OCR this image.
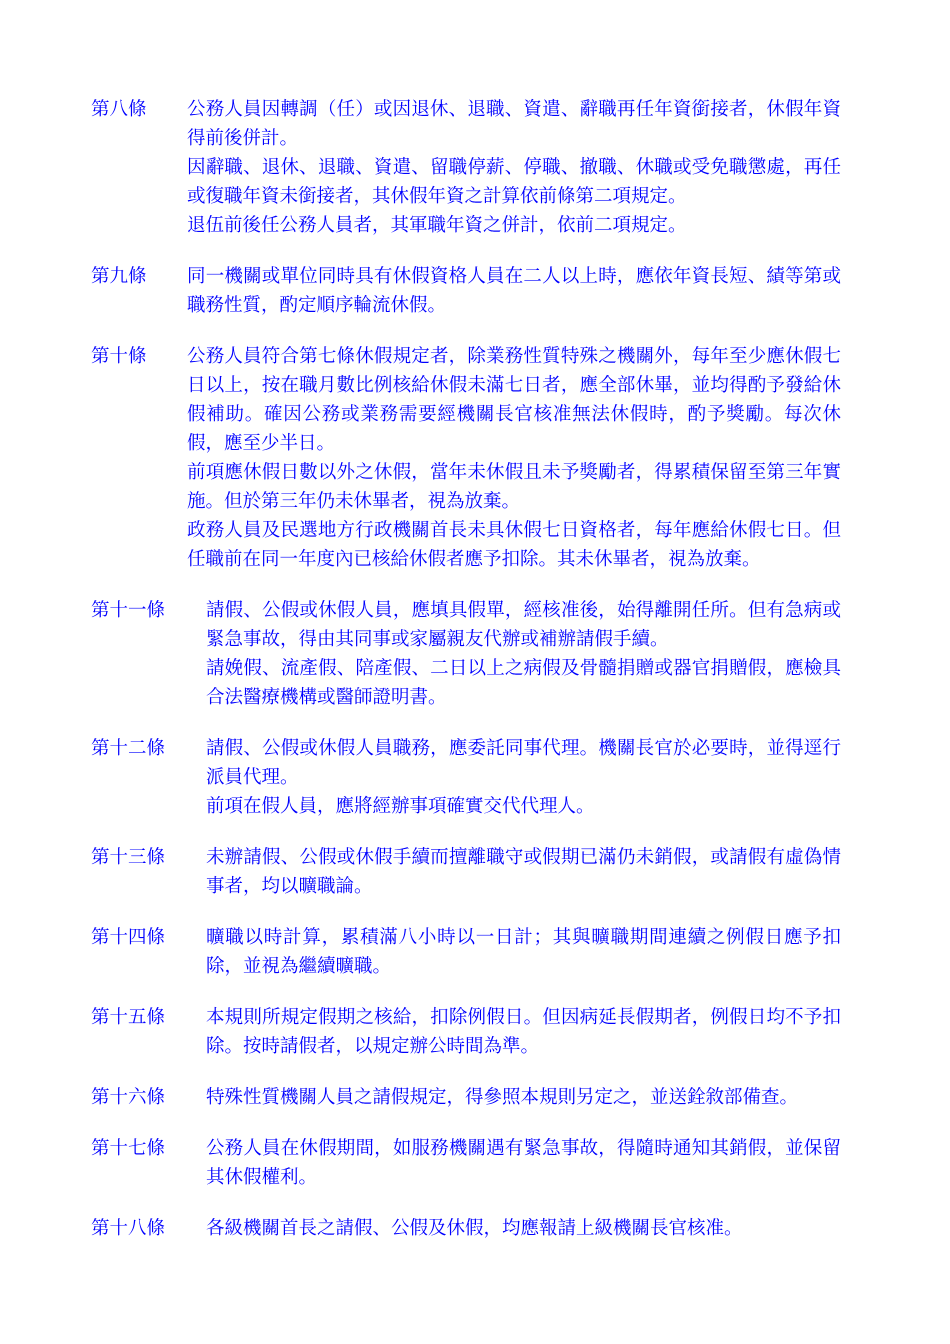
第八條	公務人員因轉調（任）或因退休、退職、資遣、辭職再任年資銜接者，休假年資得前後併計。

因辭職、退休、退職、資遣、留職停薪、停職、撤職、休職或受免職懲處，再任或復職年資未銜接者，其休假年資之計算依前條第二項規定。

退伍前後任公務人員者，其軍職年資之併計，依前二項規定。

第九條	同一機關或單位同時具有休假資格人員在二人以上時，應依年資長短、績等第或職務性質，酌定順序輪流休假。

第十條	公務人員符合第七條休假規定者，除業務性質特殊之機關外，每年至少應休假七日以上，按在職月數比例核給休假未滿七日者，應全部休畢，並均得酌予發給休假補助。確因公務或業務需要經機關長官核准無法休假時，酌予獎勵。每次休假，應至少半日。

前項應休假日數以外之休假，當年未休假且未予獎勵者，得累積保留至第三年實施。但於第三年仍未休畢者，視為放棄。

政務人員及民選地方行政機關首長未具休假七日資格者，每年應給休假七日。但任職前在同一年度內已核給休假者應予扣除。其未休畢者，視為放棄。

第十一條	請假、公假或休假人員，應填具假單，經核准後，始得離開任所。但有急病或緊急事故，得由其同事或家屬親友代辦或補辦請假手續。

請娩假、流產假、陪產假、二日以上之病假及骨髓捐贈或器官捐贈假，應檢具合法醫療機構或醫師證明書。

第十二條	請假、公假或休假人員職務，應委託同事代理。機關長官於必要時，並得逕行派員代理。

前項在假人員，應將經辦事項確實交代代理人。

第十三條	未辦請假、公假或休假手續而擅離職守或假期已滿仍未銷假，或請假有虛偽情事者，均以曠職論。

第十四條	曠職以時計算，累積滿八小時以一日計；其與曠職期間連續之例假日應予扣除，並視為繼續曠職。

第十五條	本規則所規定假期之核給，扣除例假日。但因病延長假期者，例假日均不予扣除。按時請假者，以規定辦公時間為準。

第十六條	特殊性質機關人員之請假規定，得參照本規則另定之，並送銓敘部備查。

第十七條	公務人員在休假期間，如服務機關遇有緊急事故，得隨時通知其銷假，並保留其休假權利。

第十八條	各級機關首長之請假、公假及休假，均應報請上級機關長官核准。
